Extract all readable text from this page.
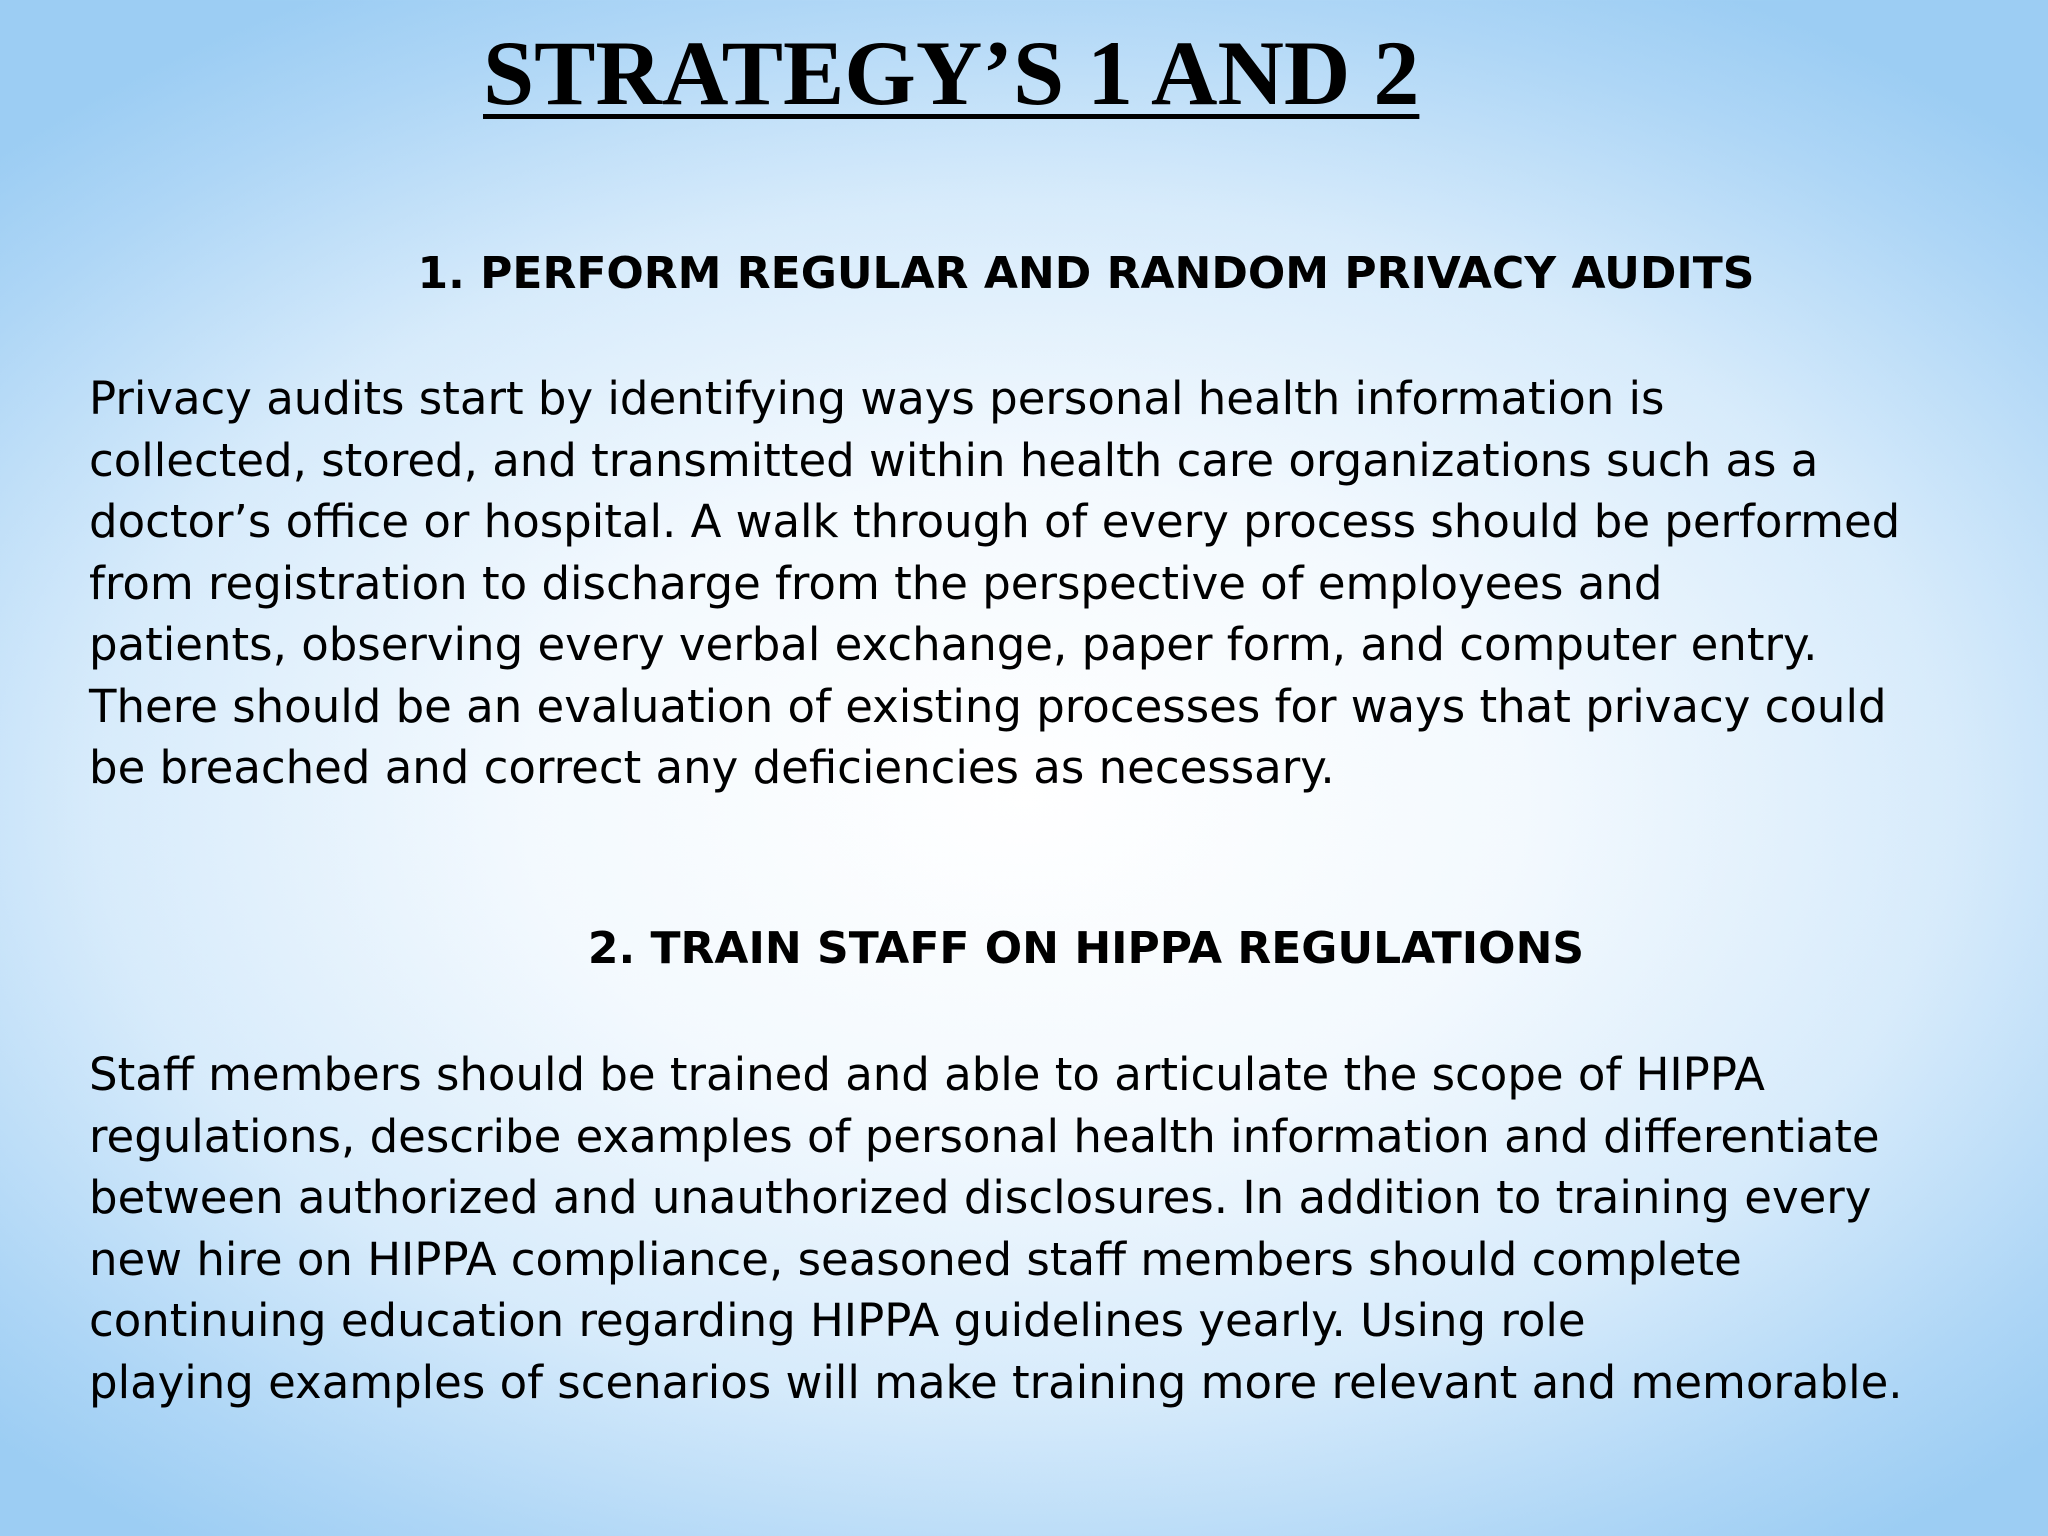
STRATEGY’S 1 AND 2
1. PERFORM REGULAR AND RANDOM PRIVACY AUDITS
Privacy audits start by identifying ways personal health information is
collected, stored, and transmitted within health care organizations such as a
doctor’s office or hospital. A walk through of every process should be performed
from registration to discharge from the perspective of employees and
patients, observing every verbal exchange, paper form, and computer entry.
There should be an evaluation of existing processes for ways that privacy could
be breached and correct any deficiencies as necessary.
2. TRAIN STAFF ON HIPPA REGULATIONS
Staff members should be trained and able to articulate the scope of HIPPA
regulations, describe examples of personal health information and differentiate
between authorized and unauthorized disclosures. In addition to training every
new hire on HIPPA compliance, seasoned staff members should complete
continuing education regarding HIPPA guidelines yearly. Using role
playing examples of scenarios will make training more relevant and memorable.
